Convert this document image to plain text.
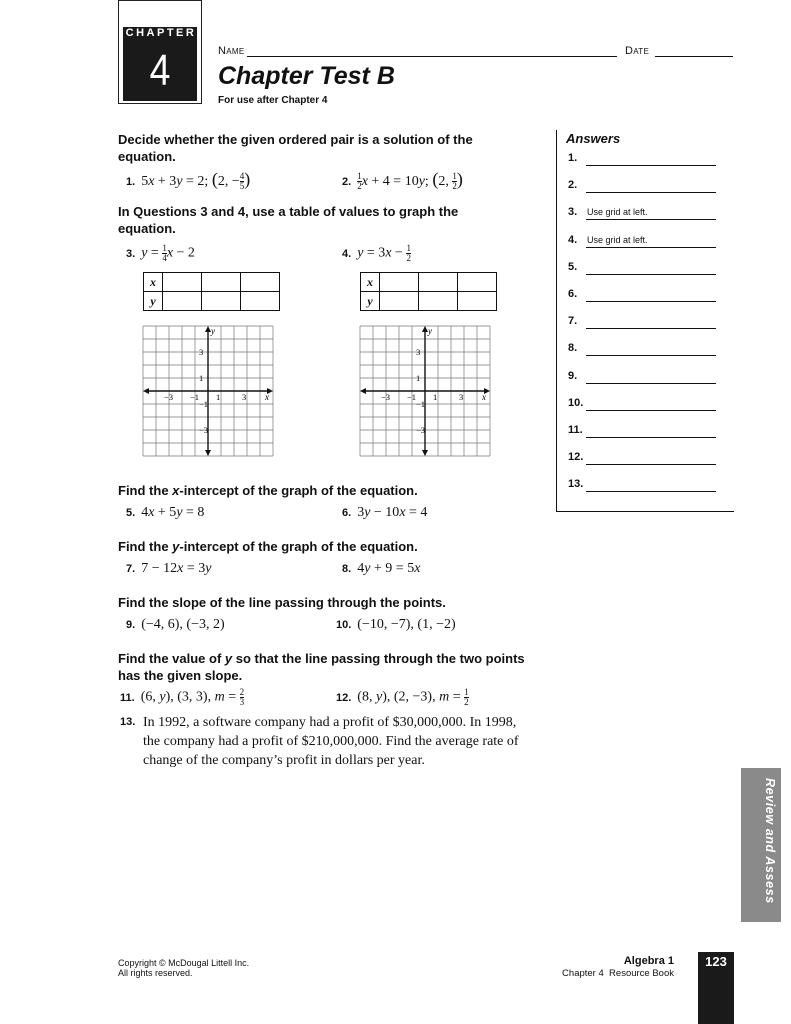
CHAPTER
4	Name	Date
Chapter Test B
For use after Chapter 4
Decide whether the given ordered pair is a solution of the equation.
1. 5x + 3y = 2; (2, − $\frac{4}{5}$ )	2. $\frac{1}{2}$ x + 4 = 10y; (2, $\frac{1}{2}$ )
In Questions 3 and 4, use a table of values to graph the equation.
3. $y = \frac{1}{4}$ x − 2	4. $y = 3x - \frac{1}{2}$
x			
y			
x			
y			
x
y
−3 −1 1	3
3
1
−1
−3
x
y
−3 −1 1	3
3
1
−1
−3
Find the x-intercept of the graph of the equation.
5. 4x + 5y = 8	6. 3y − 10x = 4
Find the y-intercept of the graph of the equation.
7. 7 − 12x = 3y	8. 4y + 9 = 5x
Find the slope of the line passing through the points.
9. (−4, 6), (−3, 2)	10. (−10, −7), (1, −2)
Find the value of y so that the line passing through the two points has the given slope.
11. (6, y), (3, 3), $m = \frac{2}{3}$	12. (8, y), (2, −3), $m = \frac{1}{2}$
13. In 1992, a software company had a profit of $30,000,000. In 1998,
the company had a profit of $210,000,000. Find the average rate of
change of the company’s profit in dollars per year.
Answers
1.
2.
3. Use grid at left.
4. Use grid at left.
5.
6.
7.
8.
9.
10.
11.
12.
13.
Review and Assess
Copyright © McDougal Littell Inc.
All rights reserved.
Algebra 1
Chapter 4  Resource Book
123
